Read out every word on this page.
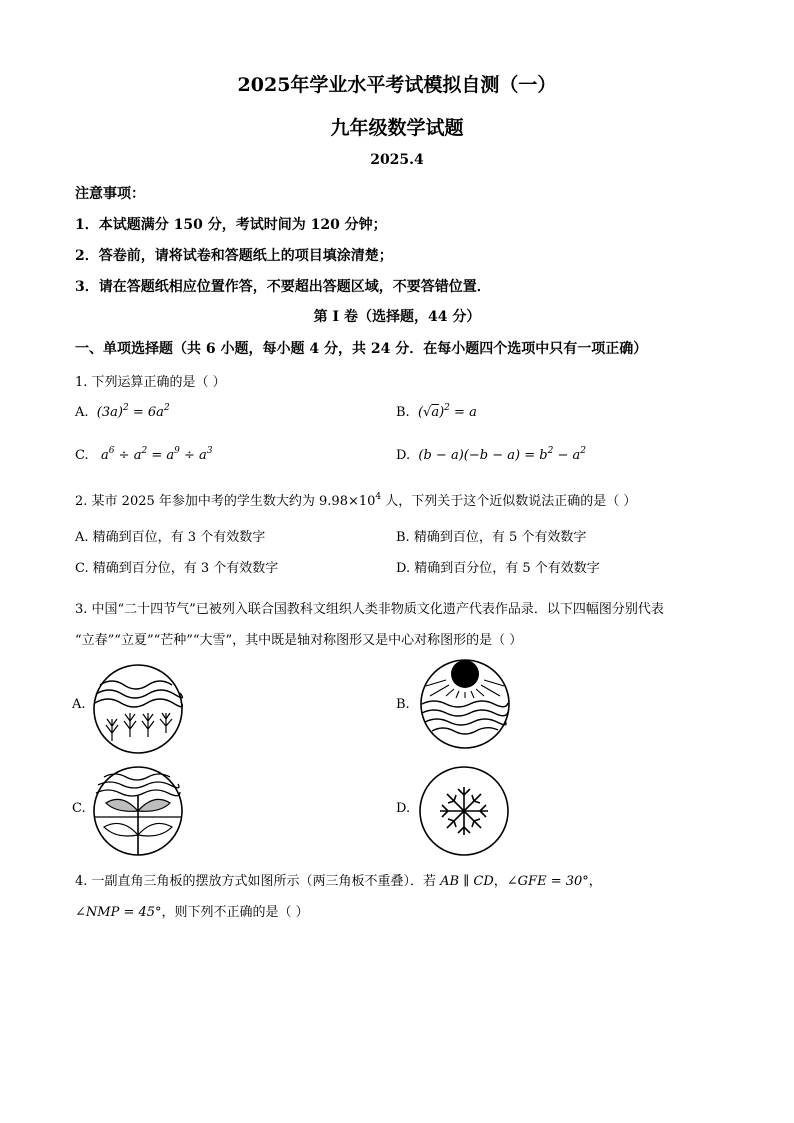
2025年学业水平考试模拟自测（一）
九年级数学试题
2025.4
注意事项：
1．本试题满分 150 分，考试时间为 120 分钟；
2．答卷前，请将试卷和答题纸上的项目填涂清楚；
3．请在答题纸相应位置作答，不要超出答题区域，不要答错位置．
第 I 卷（选择题，44 分）
一、单项选择题（共 6 小题，每小题 4 分，共 24 分．在每小题四个选项中只有一项正确）
1. 下列运算正确的是（ ）
A.  $(3a)^2 = 6a^2$	B.  $(√a)^2 = a$
C. $a^6 \div a^2 = a^9 \div a^3$	D.  $(b - a)(-b - a) = b^2 - a^2$
2. 某市 2025 年参加中考的学生数大约为 $9.98\times 10^4$ 人，下列关于这个近似数说法正确的是（ ）
A. 精确到百位，有 3 个有效数字	B. 精确到百位，有 5 个有效数字
C. 精确到百分位，有 3 个有效数字	D. 精确到百分位，有 5 个有效数字
3. 中国“二十四节气”已被列入联合国教科文组织人类非物质文化遗产代表作品录．以下四幅图分别代表
“立春”“立夏”“芒种”“大雪”，其中既是轴对称图形又是中心对称图形的是（ ）
A.	B.
C.	D.
4. 一副直角三角板的摆放方式如图所示（两三角板不重叠）．若 AB ∥ CD，∠GFE = 30°，
∠NMP = 45°，则下列不正确的是（ ）
